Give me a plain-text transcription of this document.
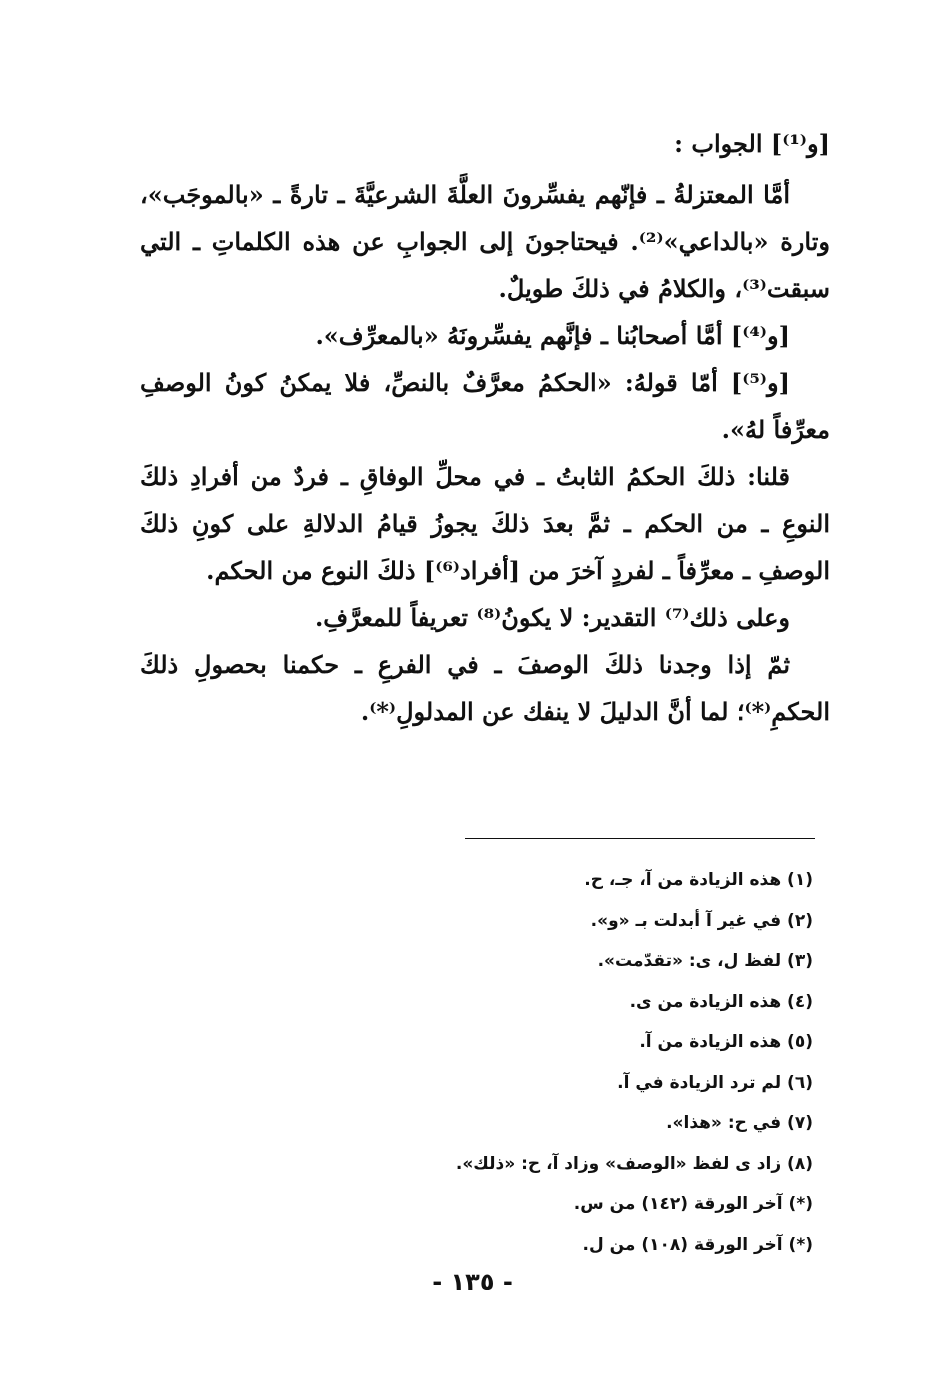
[و⁽¹⁾] الجواب :

أمَّا المعتزلةُ ـ فإنّهم يفسِّرونَ العلَّةَ الشرعيَّةَ ـ تارةً ـ «بالموجَب»، وتارة «بالداعي»⁽²⁾. فيحتاجونَ إلى الجوابِ عن هذه الكلماتِ ـ التي سبقت⁽³⁾، والكلامُ في ذلكَ طويلٌ.

[و⁽⁴⁾] أمَّا أصحابُنا ـ فإنَّهم يفسِّرونَهُ «بالمعرِّف».

[و⁽⁵⁾] أمّا قولهُ: «الحكمُ معرَّفٌ بالنصِّ، فلا يمكنُ كونُ الوصفِ معرِّفاً لهُ».

قلنا: ذلكَ الحكمُ الثابتُ ـ في محلِّ الوفاقِ ـ فردٌ من أفرادِ ذلكَ النوعِ ـ من الحكم ـ ثمَّ بعدَ ذلكَ يجوزُ قيامُ الدلالةِ على كونِ ذلكَ الوصفِ ـ معرِّفاً ـ لفردٍ آخرَ من [أفراد⁽⁶⁾] ذلكَ النوع من الحكم.

وعلى ذلك⁽⁷⁾ التقدير: لا يكونُ⁽⁸⁾ تعريفاً للمعرَّفِ.

ثمّ إذا وجدنا ذلكَ الوصفَ ـ في الفرعِ ـ حكمنا بحصولِ ذلكَ الحكمِ⁽*⁾؛ لما أنَّ الدليلَ لا ينفك عن المدلولِ⁽*⁾.

(١) هذه الزيادة من آ، جـ، ح.
(٢) في غير آ أبدلت بـ «و».
(٣) لفظ ل، ى: «تقدّمت».
(٤) هذه الزيادة من ى.
(٥) هذه الزيادة من آ.
(٦) لم ترد الزيادة في آ.
(٧) في ح: «هذا».
(٨) زاد ى لفظ «الوصف» وزاد آ، ح: «ذلك».
(*) آخر الورقة (١٤٢) من س.
(*) آخر الورقة (١٠٨) من ل.
- ١٣٥ -
